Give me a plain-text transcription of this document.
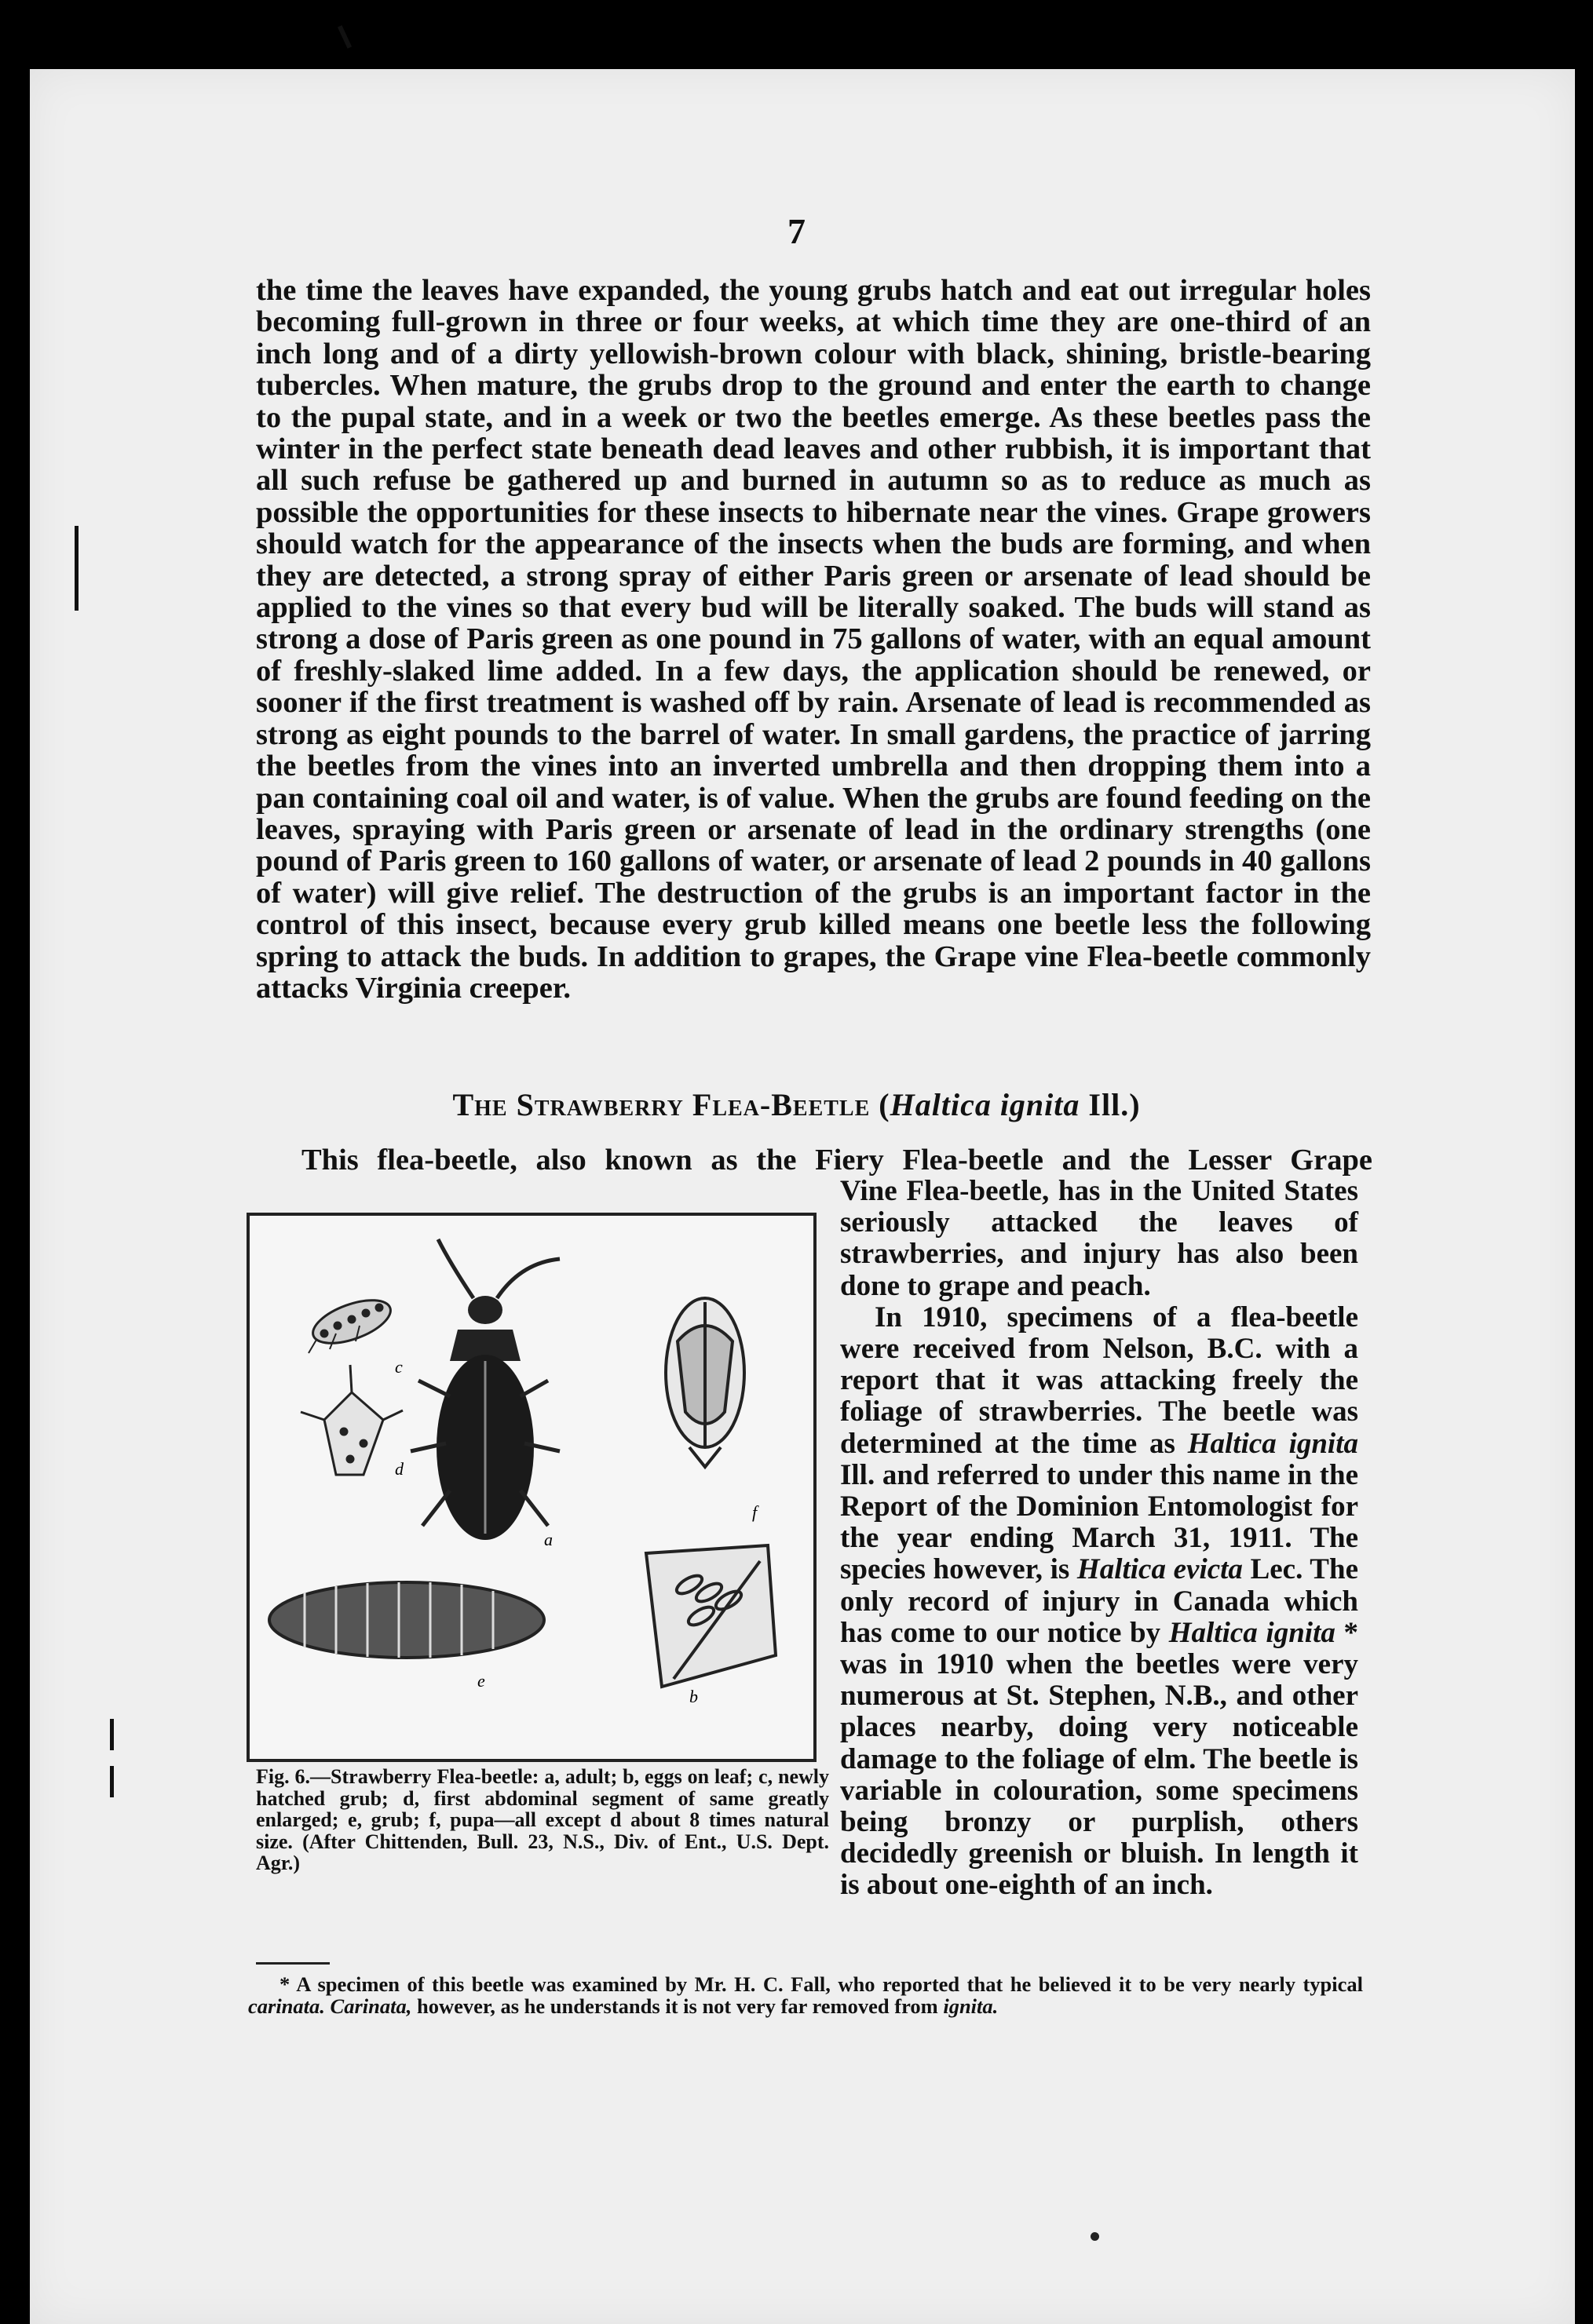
7

the time the leaves have expanded, the young grubs hatch and eat out irregular holes becoming full-grown in three or four weeks, at which time they are one-third of an inch long and of a dirty yellowish-brown colour with black, shining, bristle-bearing tubercles. When mature, the grubs drop to the ground and enter the earth to change to the pupal state, and in a week or two the beetles emerge. As these beetles pass the winter in the perfect state beneath dead leaves and other rubbish, it is important that all such refuse be gathered up and burned in autumn so as to reduce as much as possible the opportunities for these insects to hibernate near the vines. Grape growers should watch for the appearance of the insects when the buds are forming, and when they are detected, a strong spray of either Paris green or arsenate of lead should be applied to the vines so that every bud will be literally soaked. The buds will stand as strong a dose of Paris green as one pound in 75 gallons of water, with an equal amount of freshly-slaked lime added. In a few days, the application should be renewed, or sooner if the first treatment is washed off by rain. Arsenate of lead is recommended as strong as eight pounds to the barrel of water. In small gardens, the practice of jarring the beetles from the vines into an inverted umbrella and then dropping them into a pan containing coal oil and water, is of value. When the grubs are found feeding on the leaves, spraying with Paris green or arsenate of lead in the ordinary strengths (one pound of Paris green to 160 gallons of water, or arsenate of lead 2 pounds in 40 gallons of water) will give relief. The destruction of the grubs is an important factor in the control of this insect, because every grub killed means one beetle less the following spring to attack the buds. In addition to grapes, the Grape vine Flea-beetle commonly attacks Virginia creeper.

The Strawberry Flea-Beetle (Haltica ignita Ill.)
This flea-beetle, also known as the Fiery Flea-beetle and the Lesser Grape

Vine Flea-beetle, has in the United States seriously attacked the leaves of strawberries, and injury has also been done to grape and peach.

In 1910, specimens of a flea-beetle were received from Nelson, B.C. with a report that it was attacking freely the foliage of strawberries. The beetle was determined at the time as Haltica ignita Ill. and referred to under this name in the Report of the Dominion Entomologist for the year ending March 31, 1911. The species however, is Haltica evicta Lec. The only record of injury in Canada which has come to our notice by Haltica ignita * was in 1910 when the beetles were very numerous at St. Stephen, N.B., and other places nearby, doing very noticeable damage to the foliage of elm. The beetle is variable in colouration, some specimens being bronzy or purplish, others decidedly greenish or bluish. In length it is about one-eighth of an inch.

c
d
a
f
e
b
Fig. 6.—Strawberry Flea-beetle: a, adult; b, eggs on leaf; c, newly hatched grub; d, first abdominal segment of same greatly enlarged; e, grub; f, pupa—all except d about 8 times natural size. (After Chittenden, Bull. 23, N.S., Div. of Ent., U.S. Dept. Agr.)
* A specimen of this beetle was examined by Mr. H. C. Fall, who reported that he believed it to be very nearly typical carinata. Carinata, however, as he understands it is not very far removed from ignita.
